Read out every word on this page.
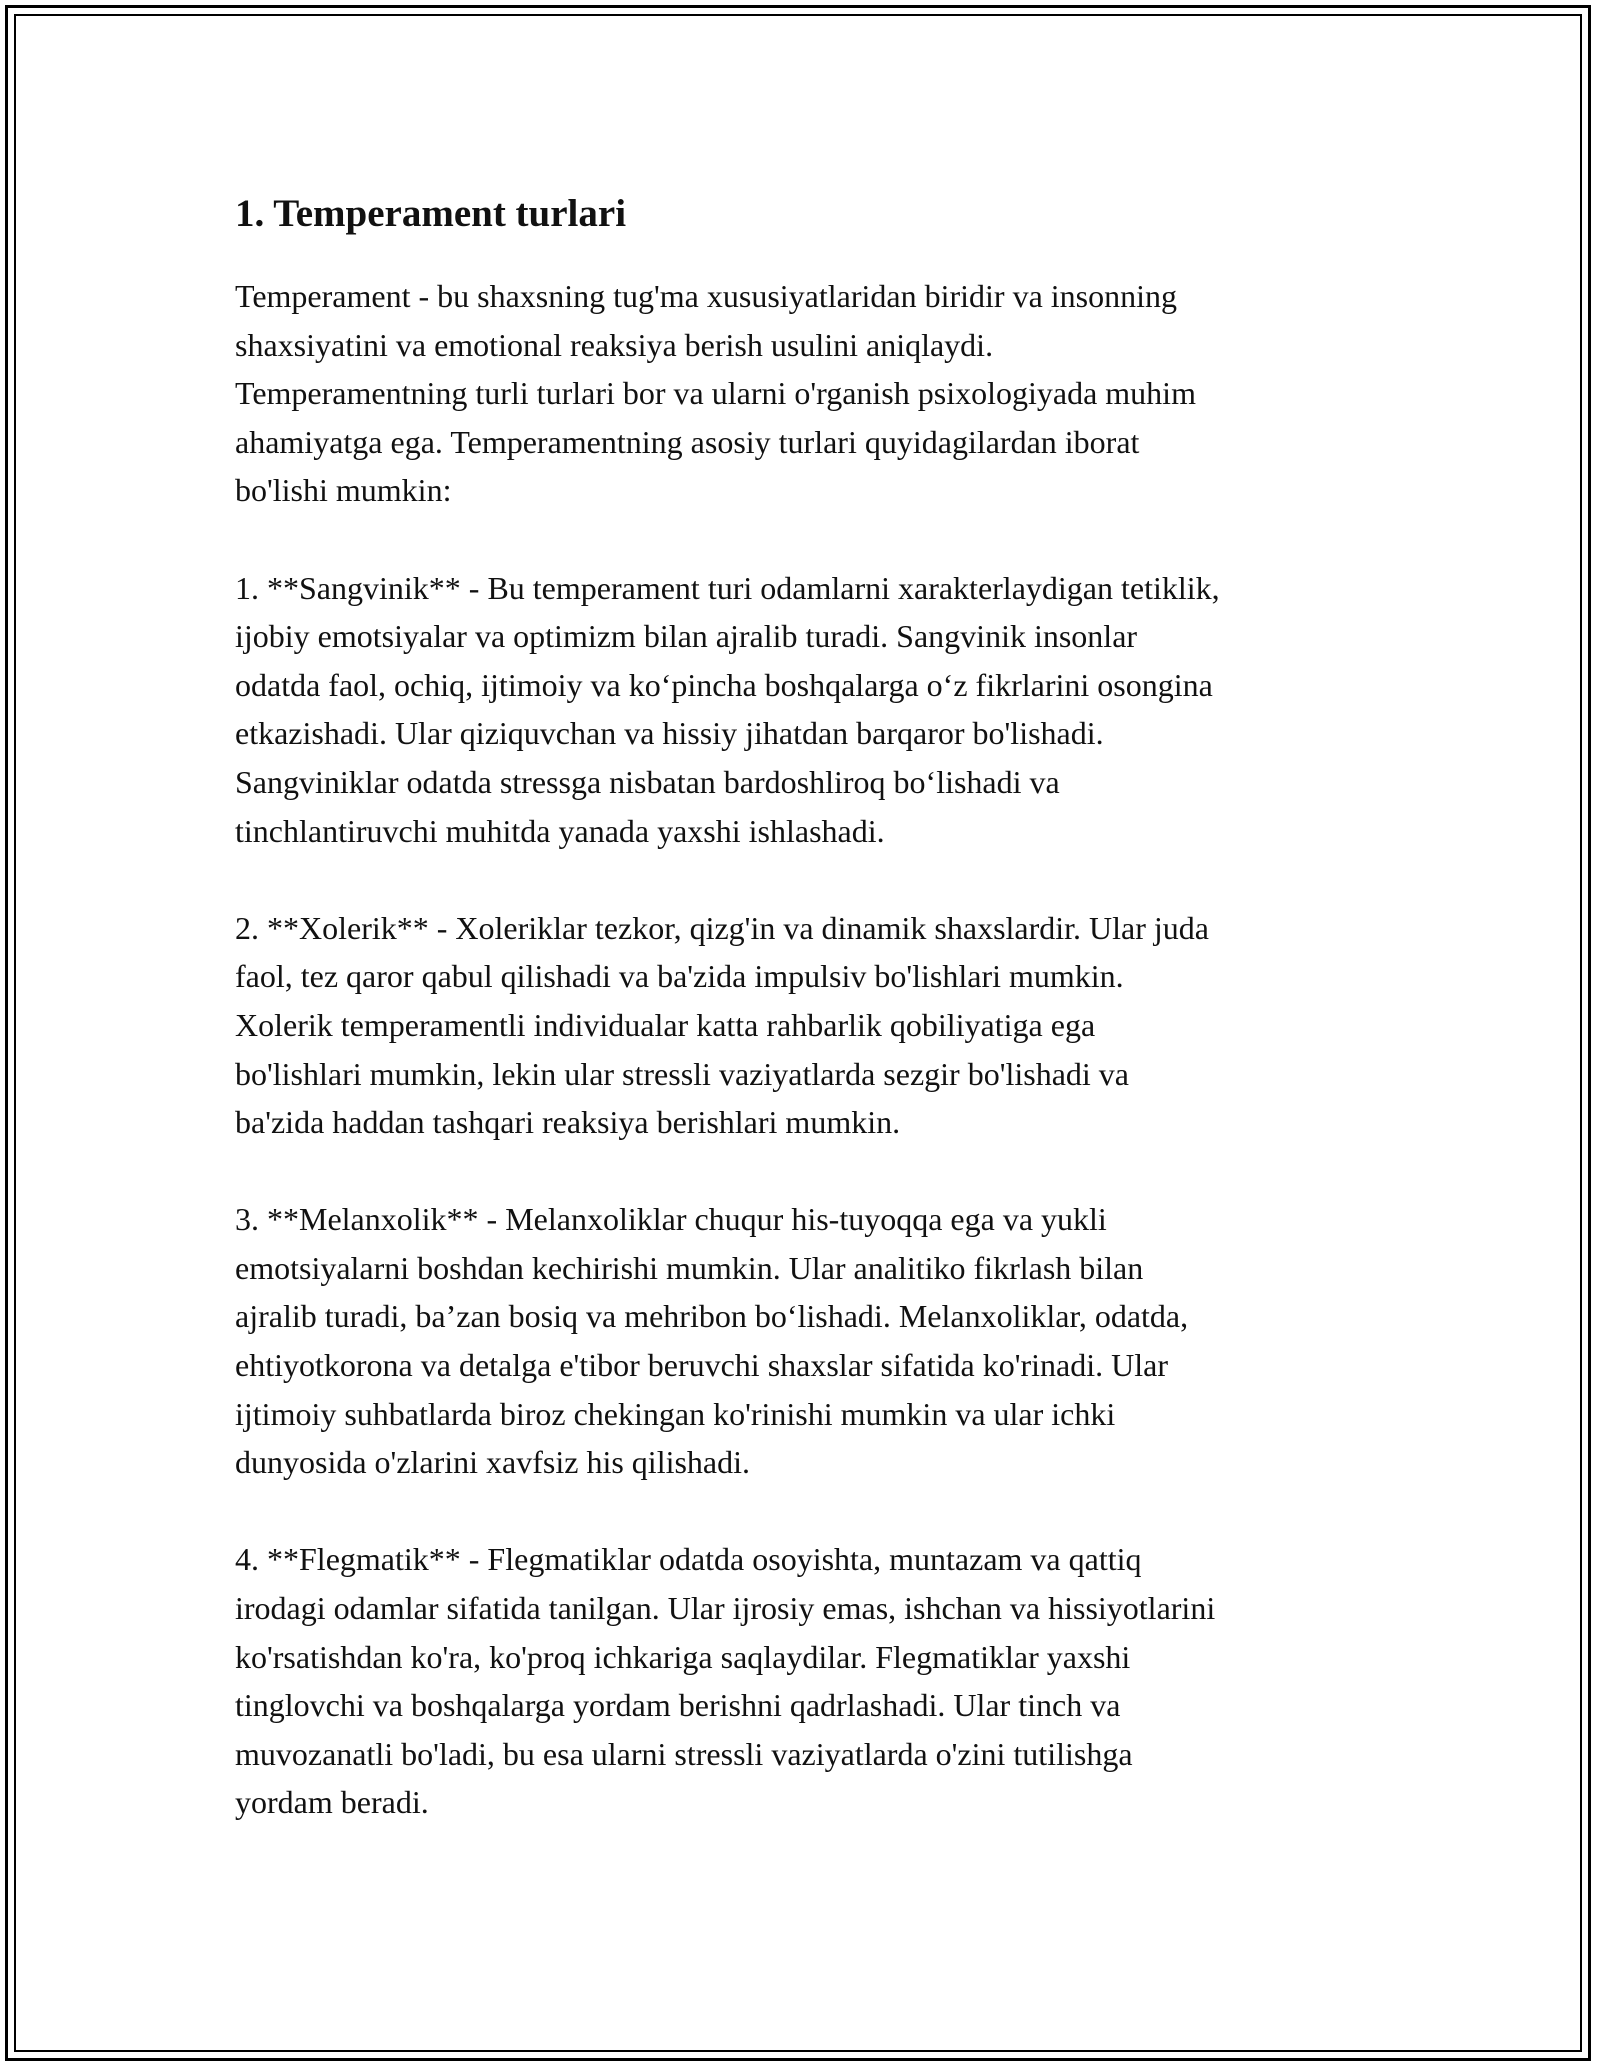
1. Temperament turlari
Temperament - bu shaxsning tug'ma xususiyatlaridan biridir va insonning
shaxsiyatini va emotional reaksiya berish usulini aniqlaydi.
Temperamentning turli turlari bor va ularni o'rganish psixologiyada muhim
ahamiyatga ega. Temperamentning asosiy turlari quyidagilardan iborat
bo'lishi mumkin:
1. **Sangvinik** - Bu temperament turi odamlarni xarakterlaydigan tetiklik,
ijobiy emotsiyalar va optimizm bilan ajralib turadi. Sangvinik insonlar
odatda faol, ochiq, ijtimoiy va ko‘pincha boshqalarga o‘z fikrlarini osongina
etkazishadi. Ular qiziquvchan va hissiy jihatdan barqaror bo'lishadi.
Sangviniklar odatda stressga nisbatan bardoshliroq bo‘lishadi va
tinchlantiruvchi muhitda yanada yaxshi ishlashadi.
2. **Xolerik** - Xoleriklar tezkor, qizg'in va dinamik shaxslardir. Ular juda
faol, tez qaror qabul qilishadi va ba'zida impulsiv bo'lishlari mumkin.
Xolerik temperamentli individualar katta rahbarlik qobiliyatiga ega
bo'lishlari mumkin, lekin ular stressli vaziyatlarda sezgir bo'lishadi va
ba'zida haddan tashqari reaksiya berishlari mumkin.
3. **Melanxolik** - Melanxoliklar chuqur his-tuyoqqa ega va yukli
emotsiyalarni boshdan kechirishi mumkin. Ular analitiko fikrlash bilan
ajralib turadi, ba’zan bosiq va mehribon bo‘lishadi. Melanxoliklar, odatda,
ehtiyotkorona va detalga e'tibor beruvchi shaxslar sifatida ko'rinadi. Ular
ijtimoiy suhbatlarda biroz chekingan ko'rinishi mumkin va ular ichki
dunyosida o'zlarini xavfsiz his qilishadi.
4. **Flegmatik** - Flegmatiklar odatda osoyishta, muntazam va qattiq
irodagi odamlar sifatida tanilgan. Ular ijrosiy emas, ishchan va hissiyotlarini
ko'rsatishdan ko'ra, ko'proq ichkariga saqlaydilar. Flegmatiklar yaxshi
tinglovchi va boshqalarga yordam berishni qadrlashadi. Ular tinch va
muvozanatli bo'ladi, bu esa ularni stressli vaziyatlarda o'zini tutilishga
yordam beradi.
